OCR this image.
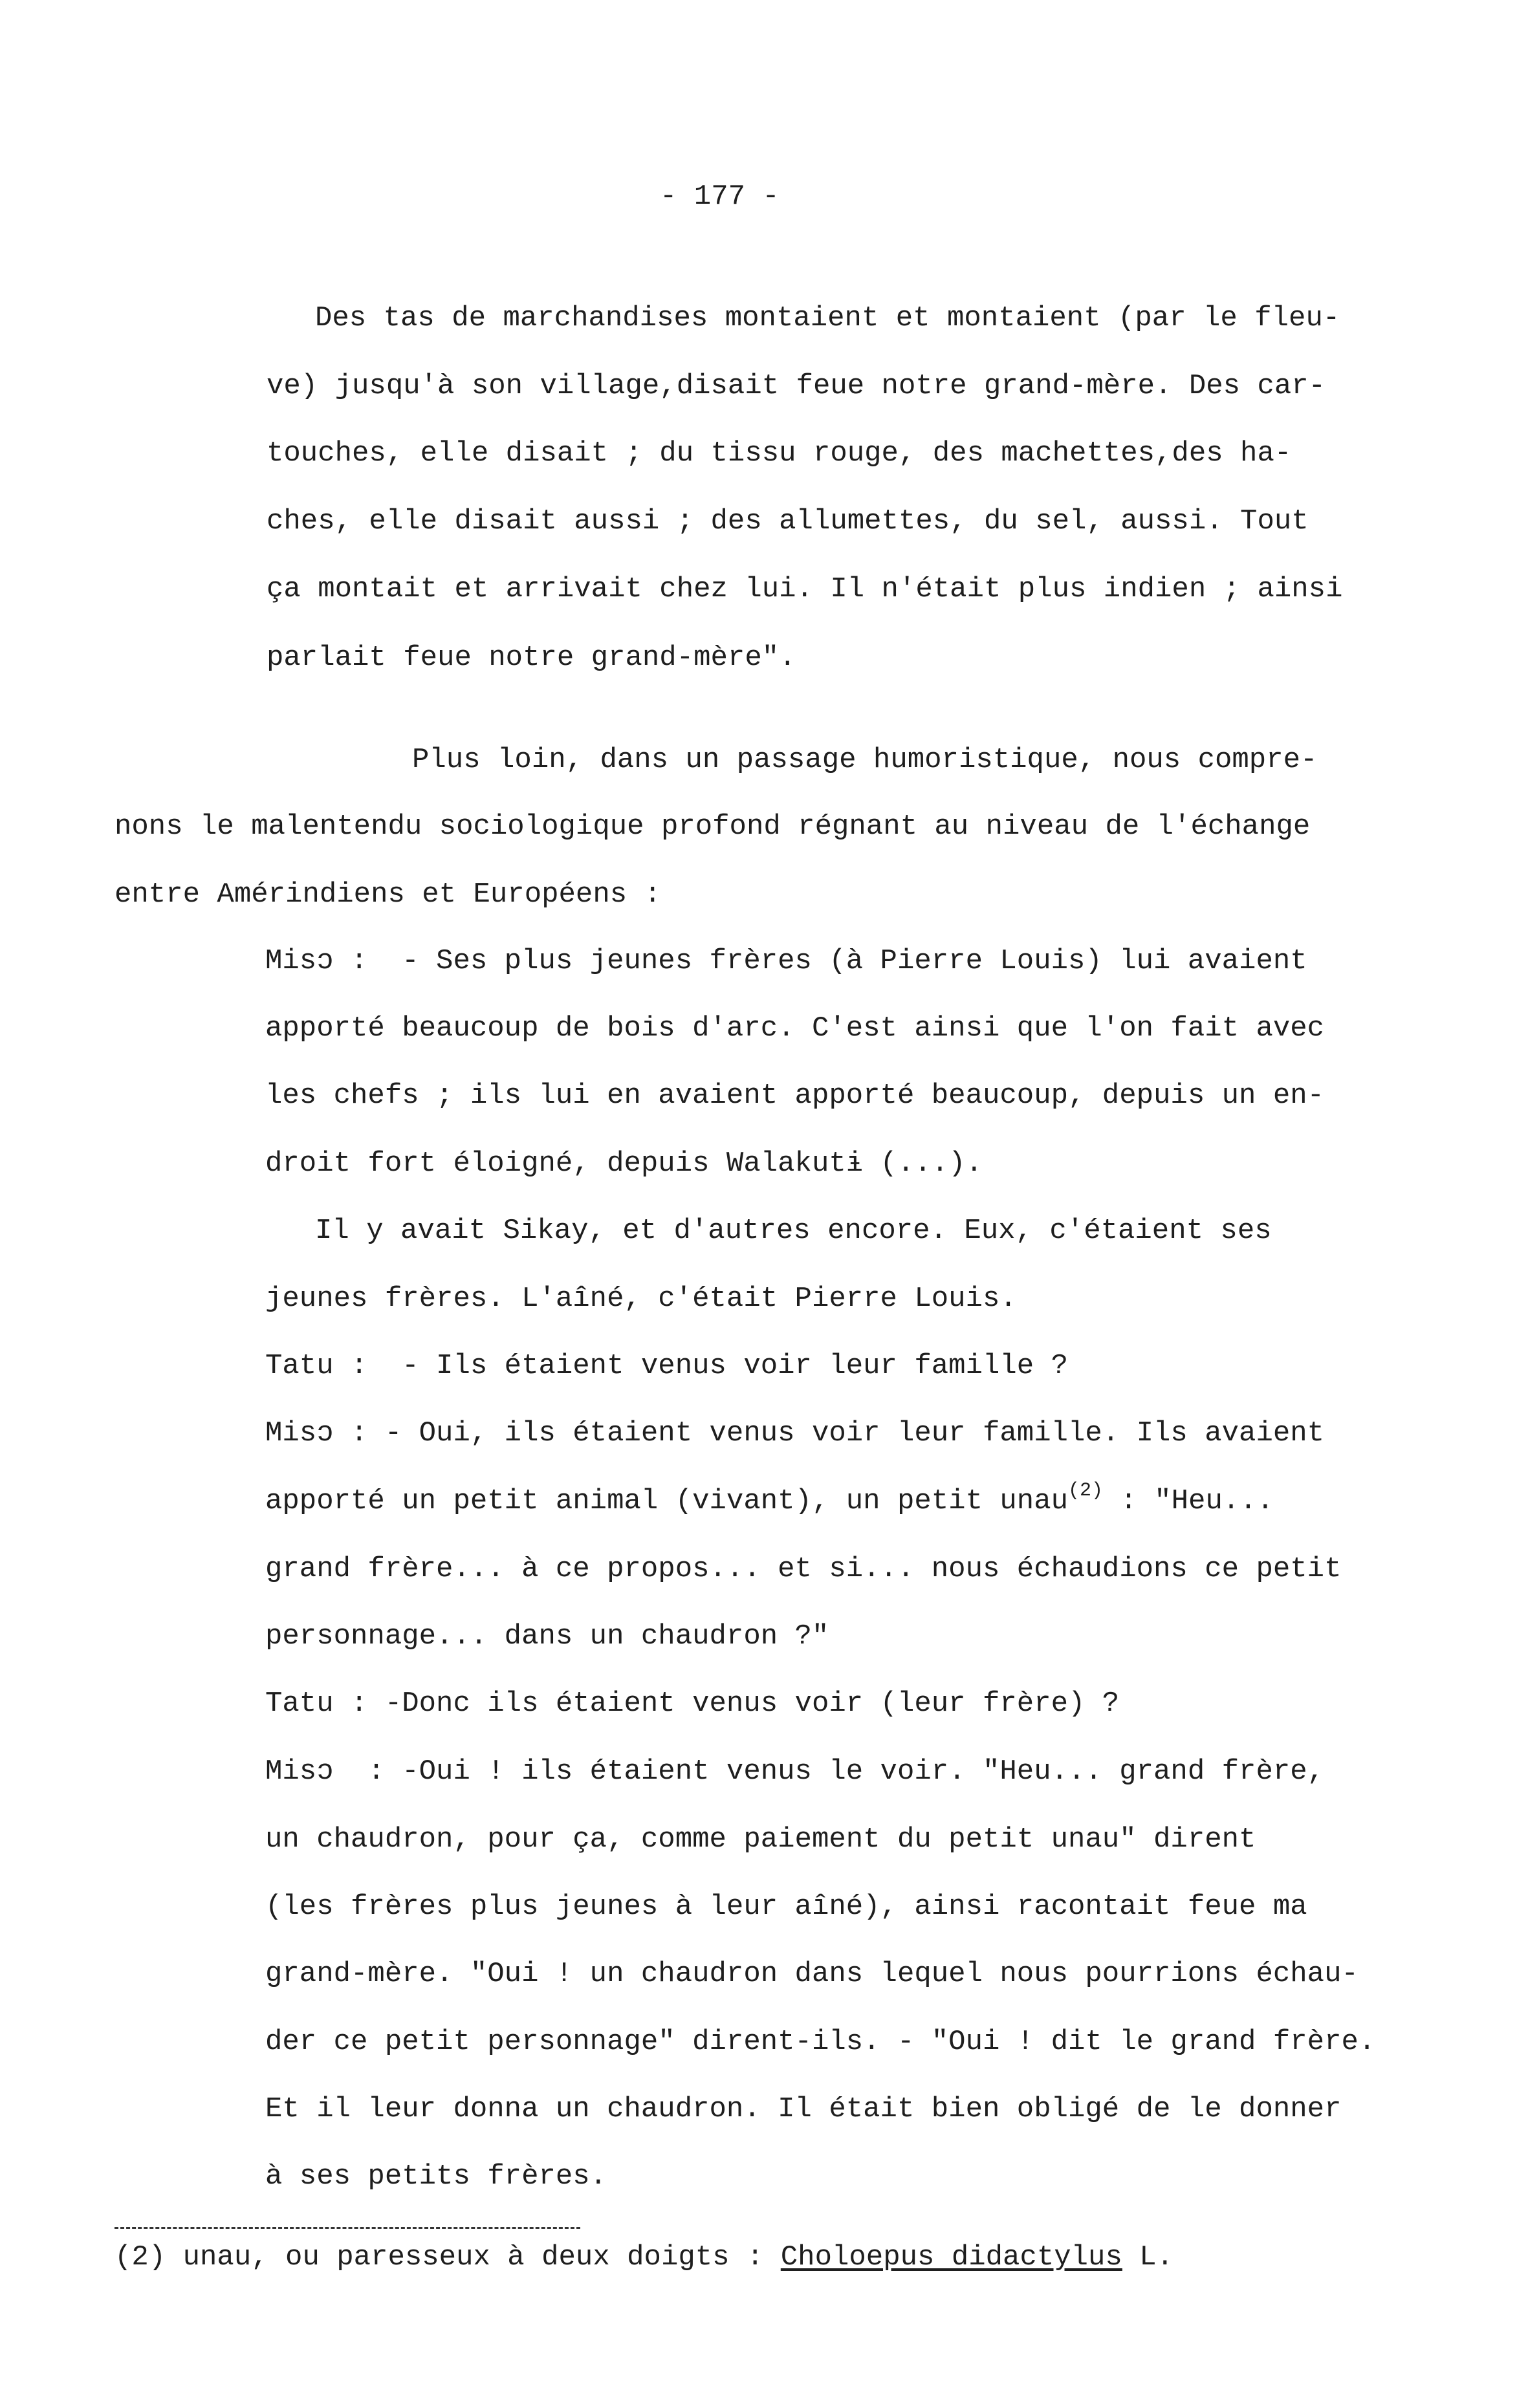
- 177 -
Des tas de marchandises montaient et montaient (par le fleu-
ve) jusqu'à son village,disait feue notre grand-mère. Des car-
touches, elle disait ; du tissu rouge, des machettes,des ha-
ches, elle disait aussi ; des allumettes, du sel, aussi. Tout
ça montait et arrivait chez lui. Il n'était plus indien ; ainsi
parlait feue notre grand-mère".
Plus loin, dans un passage humoristique, nous compre-
nons le malentendu sociologique profond régnant au niveau de l'échange
entre Amérindiens et Européens :
Misɔ :  - Ses plus jeunes frères (à Pierre Louis) lui avaient
apporté beaucoup de bois d'arc. C'est ainsi que l'on fait avec
les chefs ; ils lui en avaient apporté beaucoup, depuis un en-
droit fort éloigné, depuis Walakutɨ (...).
Il y avait Sikay, et d'autres encore. Eux, c'étaient ses
jeunes frères. L'aîné, c'était Pierre Louis.
Tatu :  - Ils étaient venus voir leur famille ?
Misɔ : - Oui, ils étaient venus voir leur famille. Ils avaient
apporté un petit animal (vivant), un petit unau$^{(2)}$ : "Heu...
grand frère... à ce propos... et si... nous échaudions ce petit
personnage... dans un chaudron ?"
Tatu : -Donc ils étaient venus voir (leur frère) ?
Misɔ  : -Oui ! ils étaient venus le voir. "Heu... grand frère,
un chaudron, pour ça, comme paiement du petit unau" dirent
(les frères plus jeunes à leur aîné), ainsi racontait feue ma
grand-mère. "Oui ! un chaudron dans lequel nous pourrions échau-
der ce petit personnage" dirent-ils. - "Oui ! dit le grand frère.
Et il leur donna un chaudron. Il était bien obligé de le donner
à ses petits frères.
(2) unau, ou paresseux à deux doigts : Choloepus didactylus L.
